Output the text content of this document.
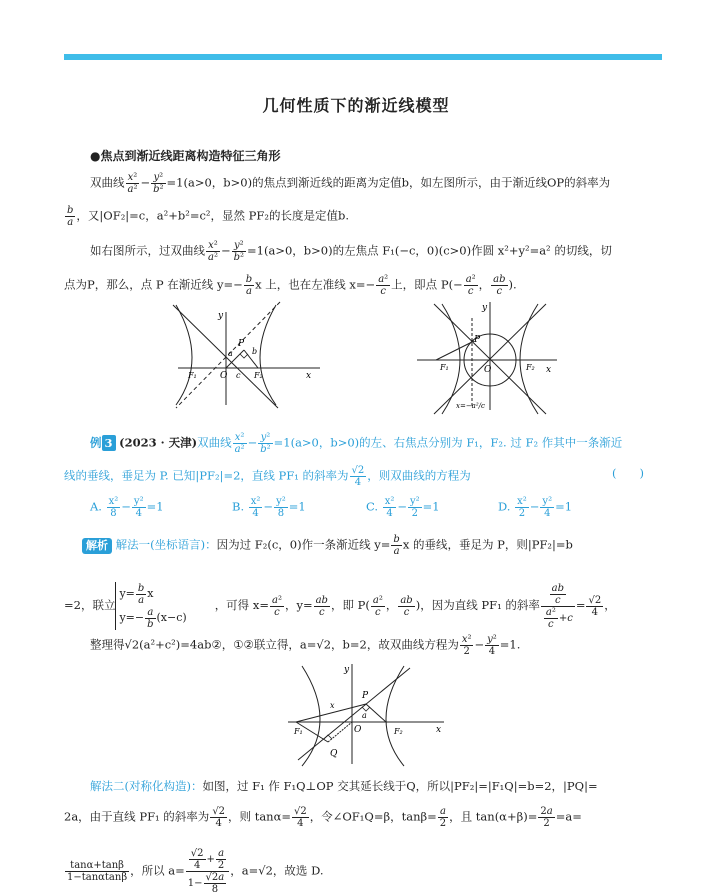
几何性质下的渐近线模型
●焦点到渐近线距离构造特征三角形
双曲线 $\frac{\text{x²}}{\text{a²}} - \frac{\text{y²}}{\text{b²}} =1(a>0$，b>0)的焦点到渐近线的距离为定值b，如左图所示，由于渐近线OP的斜率为
$\frac{b}{a}$ ，又|OF₂|=c，a²+b²=c²，显然 PF₂的长度是定值b.
如右图所示，过双曲线 $\frac{\text{x²}}{\text{a²}} - \frac{\text{y²}}{\text{b²}} =1(a>0$，b>0)的左焦点 F₁(−c，0)(c>0)作圆 x²+y²=a² 的切线，切
点为P，那么，点 P 在渐近线 $y=- \frac{b}{a}$ x 上，也在左准线 $x=- \frac{\text{a²}}{c}$ 上，即点 $P(- \frac{\text{a²}}{c}$ ， $\frac{ab}{c}$ ).
y
x
P
a b
O c
F₁	F₂
y
x
P
O
F₁	F₂
x=−a²/c
例 3 (2023 · 天津)双曲线 $\frac{\text{x²}}{\text{a²}} - \frac{\text{y²}}{\text{b²}} =1(a>0$，b>0)的左、右焦点分别为 F₁，F₂. 过 F₂ 作其中一条渐近
线的垂线，垂足为 P. 已知|PF₂|=2，直线 PF₁ 的斜率为 $\frac{√2}{4}$ ，则双曲线的方程为	(　　)
A. $\frac{\text{x²}}{8} - \frac{\text{y²}}{4} =1$	B. $\frac{\text{x²}}{4} - \frac{\text{y²}}{8} =1$	C. $\frac{\text{x²}}{4} - \frac{\text{y²}}{2} =1$	D. $\frac{\text{x²}}{2} - \frac{\text{y²}}{4} =1$
解析 解法一(坐标语言)：因为过 F₂(c，0)作一条渐近线 $y= \frac{b}{a}$ x 的垂线，垂足为 P，则|PF₂|=b
=2，联立
$y= \frac{b}{a}$ x
$y=- \frac{a}{b} (x-c)$
，可得 $x= \frac{\text{a²}}{c}$ ，$y= \frac{ab}{c}$ ，即 $P( \frac{\text{a²}}{c}$ ， $\frac{ab}{c}$ )，因为直线 PF₁ 的斜率 $\frac{\frac{ab}{c}}{\frac{\text{a²}}{c} +c} = \frac{√2}{4}$ ，
整理得√2(a²+c²)=4ab②，①②联立得，a=√2，b=2，故双曲线方程为 $\frac{\text{x²}}{2} - \frac{\text{y²}}{4} =1$.
y
x
P
a
O
Q
F₁	F₂
x
解法二(对称化构造)：如图，过 F₁ 作 F₁Q⊥OP 交其延长线于Q，所以|PF₂|=|F₁Q|=b=2，|PQ|=
2a，由于直线 PF₁ 的斜率为 $\frac{√2}{4}$ ，则 $\tan\alpha= \frac{√2}{4}$ ，令∠OF₁Q=β，$\tan\beta= \frac{a}{2}$ ，且 $\tan(\alpha+\beta)= \frac{2a}{2} =a=$
$\frac{\tan\alpha+\tan\beta}{1-\tan\alpha\tan\beta}$ ，所以 $a= \frac{\frac{√2}{4} + \frac{a}{2}}{1- \frac{√2a}{8}}$ ，a=√2，故选 D.
